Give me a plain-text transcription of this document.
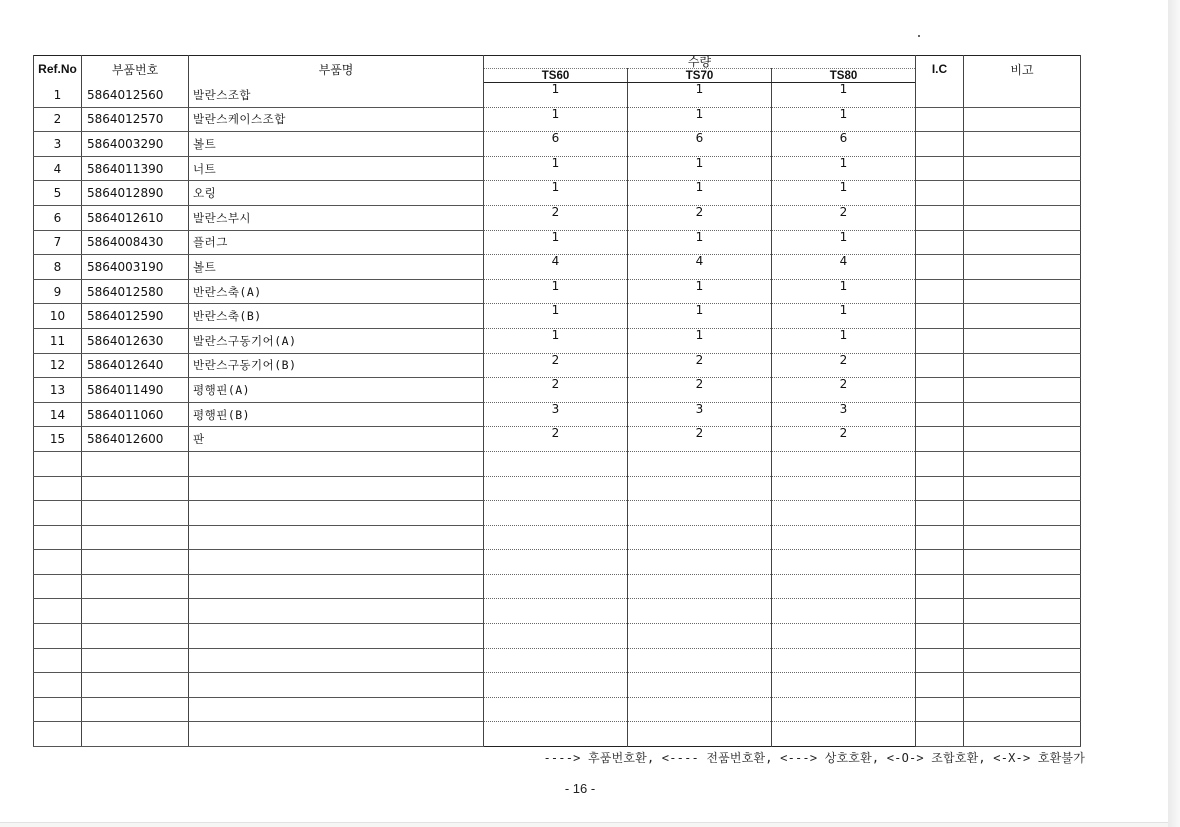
Ref.No	부품번호	부품명	수량			I.C	비고
			TS60	TS70	TS80		
1	5864012560	발란스조합	1	1	1		
2	5864012570	발란스케이스조합	1	1	1		
3	5864003290	볼트	6	6	6		
4	5864011390	너트	1	1	1		
5	5864012890	오링	1	1	1		
6	5864012610	발란스부시	2	2	2		
7	5864008430	플러그	1	1	1		
8	5864003190	볼트	4	4	4		
9	5864012580	반란스축(A)	1	1	1		
10	5864012590	반란스축(B)	1	1	1		
11	5864012630	발란스구동기어(A)	1	1	1		
12	5864012640	반란스구동기어(B)	2	2	2		
13	5864011490	평행핀(A)	2	2	2		
14	5864011060	평행핀(B)	3	3	3		
15	5864012600	판	2	2	2		

----> 후품번호환, <---- 전품번호환, <---> 상호호환, <-O-> 조합호환, <-X-> 호환불가
- 16 -
